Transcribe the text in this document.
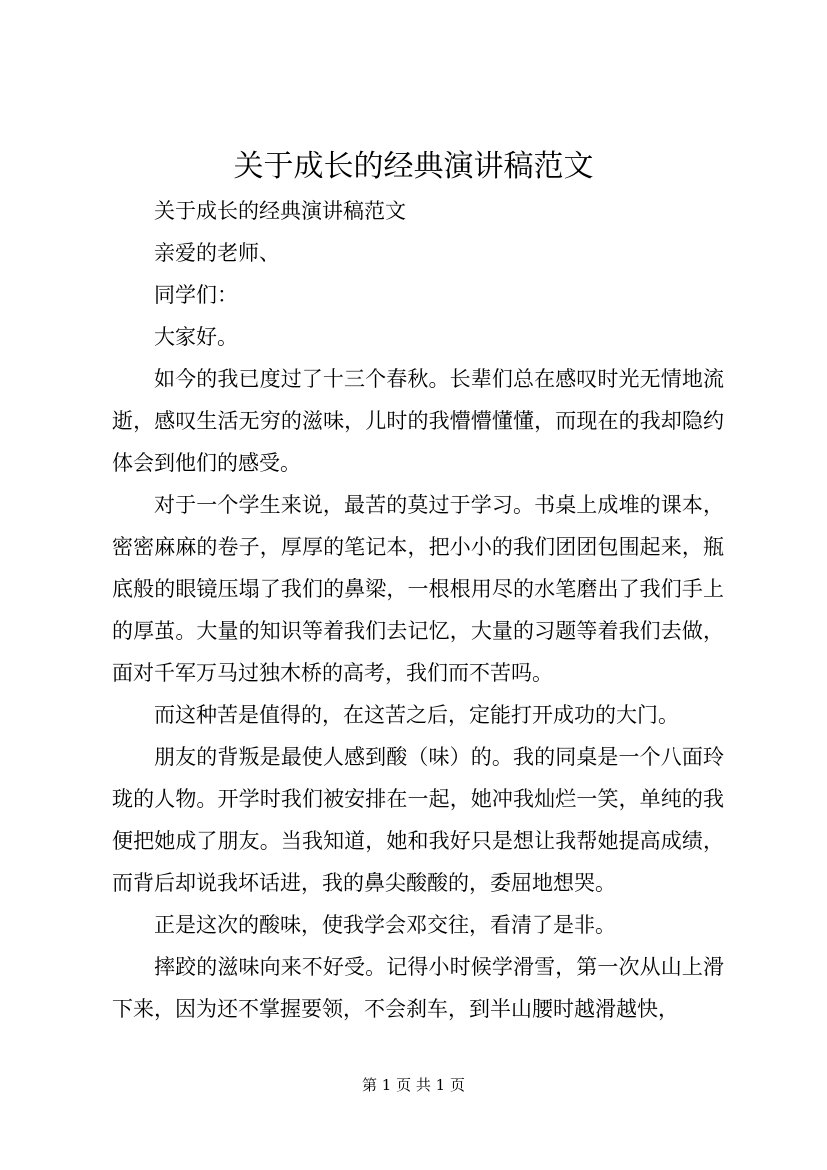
关于成长的经典演讲稿范文

关于成长的经典演讲稿范文

亲爱的老师、

同学们：

大家好。

如今的我已度过了十三个春秋。长辈们总在感叹时光无情地流逝，感叹生活无穷的滋味，儿时的我懵懵懂懂，而现在的我却隐约体会到他们的感受。

对于一个学生来说，最苦的莫过于学习。书桌上成堆的课本，密密麻麻的卷子，厚厚的笔记本，把小小的我们团团包围起来，瓶底般的眼镜压塌了我们的鼻梁，一根根用尽的水笔磨出了我们手上的厚茧。大量的知识等着我们去记忆，大量的习题等着我们去做，面对千军万马过独木桥的高考，我们而不苦吗。

而这种苦是值得的，在这苦之后，定能打开成功的大门。

朋友的背叛是最使人感到酸（味）的。我的同桌是一个八面玲珑的人物。开学时我们被安排在一起，她冲我灿烂一笑，单纯的我便把她成了朋友。当我知道，她和我好只是想让我帮她提高成绩，而背后却说我坏话进，我的鼻尖酸酸的，委屈地想哭。

正是这次的酸味，使我学会邓交往，看清了是非。

摔跤的滋味向来不好受。记得小时候学滑雪，第一次从山上滑下来，因为还不掌握要领，不会刹车，到半山腰时越滑越快，

第 1 页 共 1 页
